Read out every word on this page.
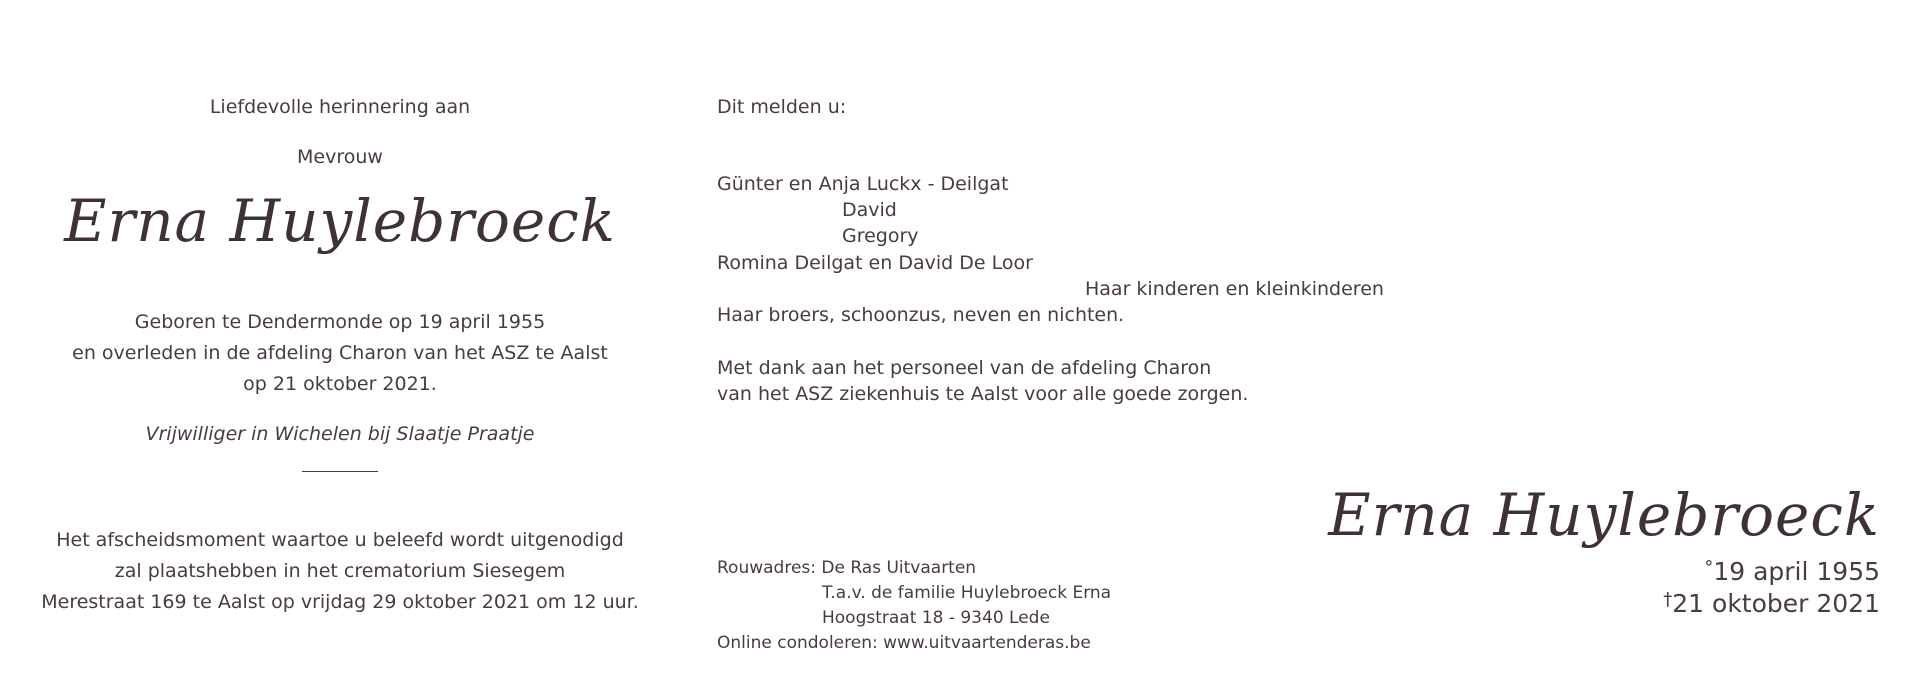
Liefdevolle herinnering aan
Mevrouw
Erna Huylebroeck
Geboren te Dendermonde op 19 april 1955
en overleden in de afdeling Charon van het ASZ te Aalst
op 21 oktober 2021.
Vrijwilliger in Wichelen bij Slaatje Praatje
Het afscheidsmoment waartoe u beleefd wordt uitgenodigd
zal plaatshebben in het crematorium Siesegem
Merestraat 169 te Aalst op vrijdag 29 oktober 2021 om 12 uur.
Dit melden u:
Günter en Anja Luckx - Deilgat
David
Gregory
Romina Deilgat en David De Loor
Haar kinderen en kleinkinderen
Haar broers, schoonzus, neven en nichten.
Met dank aan het personeel van de afdeling Charon
van het ASZ ziekenhuis te Aalst voor alle goede zorgen.
Rouwadres: De Ras Uitvaarten
T.a.v. de familie Huylebroeck Erna
Hoogstraat 18 - 9340 Lede
Online condoleren: www.uitvaartenderas.be
Erna Huylebroeck
°19 april 1955
†21 oktober 2021
